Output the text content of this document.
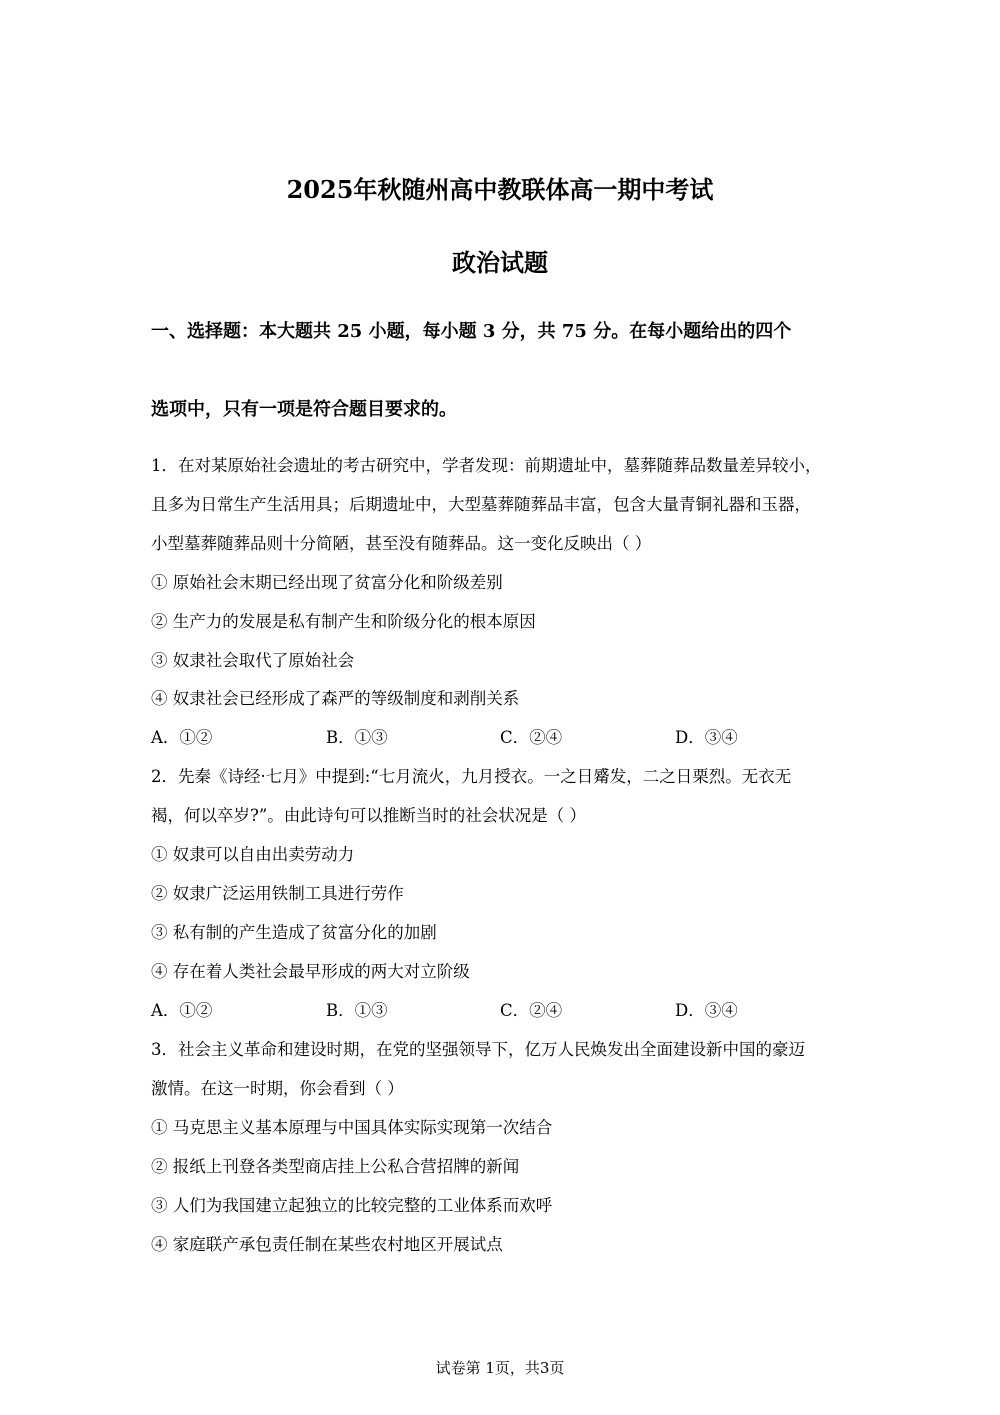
2025年秋随州高中教联体高一期中考试
政治试题
一、选择题：本大题共 25 小题，每小题 3 分，共 75 分。在每小题给出的四个
选项中，只有一项是符合题目要求的。
1．在对某原始社会遗址的考古研究中，学者发现：前期遗址中，墓葬随葬品数量差异较小，
且多为日常生产生活用具；后期遗址中，大型墓葬随葬品丰富，包含大量青铜礼器和玉器，
小型墓葬随葬品则十分简陋，甚至没有随葬品。这一变化反映出（ ）
① 原始社会末期已经出现了贫富分化和阶级差别
② 生产力的发展是私有制产生和阶级分化的根本原因
③ 奴隶社会取代了原始社会
④ 奴隶社会已经形成了森严的等级制度和剥削关系
A．①②	B．①③	C．②④	D．③④
2．先秦《诗经·七月》中提到:“七月流火，九月授衣。一之日觱发，二之日栗烈。无衣无
褐，何以卒岁?”。由此诗句可以推断当时的社会状况是（ ）
① 奴隶可以自由出卖劳动力
② 奴隶广泛运用铁制工具进行劳作
③ 私有制的产生造成了贫富分化的加剧
④ 存在着人类社会最早形成的两大对立阶级
A．①②	B．①③	C．②④	D．③④
3．社会主义革命和建设时期，在党的坚强领导下，亿万人民焕发出全面建设新中国的豪迈
激情。在这一时期，你会看到（ ）
① 马克思主义基本原理与中国具体实际实现第一次结合
② 报纸上刊登各类型商店挂上公私合营招牌的新闻
③ 人们为我国建立起独立的比较完整的工业体系而欢呼
④ 家庭联产承包责任制在某些农村地区开展试点
试卷第 1页，共3页
